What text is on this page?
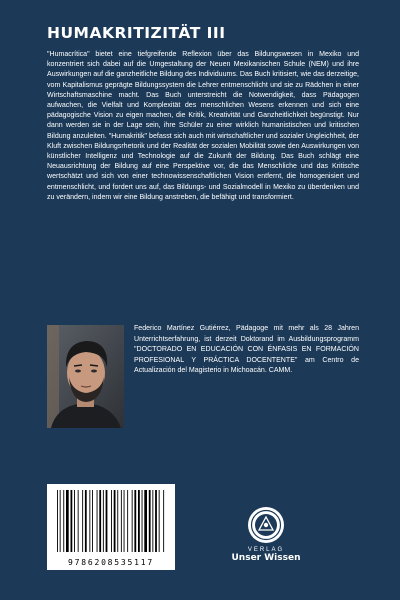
HUMAKRITIZITÄT III

"Humacrítica" bietet eine tiefgreifende Reflexion über das Bildungswesen in Mexiko und konzentriert sich dabei auf die Umgestaltung der Neuen Mexikanischen Schule (NEM) und ihre Auswirkungen auf die ganzheitliche Bildung des Individuums. Das Buch kritisiert, wie das derzeitige, vom Kapitalismus geprägte Bildungssystem die Lehrer entmenschlicht und sie zu Rädchen in einer Wirtschaftsmaschine macht. Das Buch unterstreicht die Notwendigkeit, dass Pädagogen aufwachen, die Vielfalt und Komplexität des menschlichen Wesens erkennen und sich eine pädagogische Vision zu eigen machen, die Kritik, Kreativität und Ganzheitlichkeit begünstigt. Nur dann werden sie in der Lage sein, ihre Schüler zu einer wirklich humanistischen und kritischen Bildung anzuleiten. "Humakritik" befasst sich auch mit wirtschaftlicher und sozialer Ungleichheit, der Kluft zwischen Bildungsrhetorik und der Realität der sozialen Mobilität sowie den Auswirkungen von künstlicher Intelligenz und Technologie auf die Zukunft der Bildung. Das Buch schlägt eine Neuausrichtung der Bildung auf eine Perspektive vor, die das Menschliche und das Kritische wertschätzt und sich von einer technowissenschaftlichen Vision entfernt, die homogenisiert und entmenschlicht, und fordert uns auf, das Bildungs- und Sozialmodell in Mexiko zu überdenken und zu verändern, indem wir eine Bildung anstreben, die befähigt und transformiert.

Federico Martínez Gutiérrez, Pädagoge mit mehr als 28 Jahren Unterrichtserfahrung, ist derzeit Doktorand im Ausbildungsprogramm "DOCTORADO EN EDUCACIÓN CON ÉNFASIS EN FORMACIÓN PROFESIONAL Y PRÁCTICA DOCENTENTE" am Centro de Actualización del Magisterio in Michoacán. CAMM.

9786208535117
VERLAG
Unser Wissen
